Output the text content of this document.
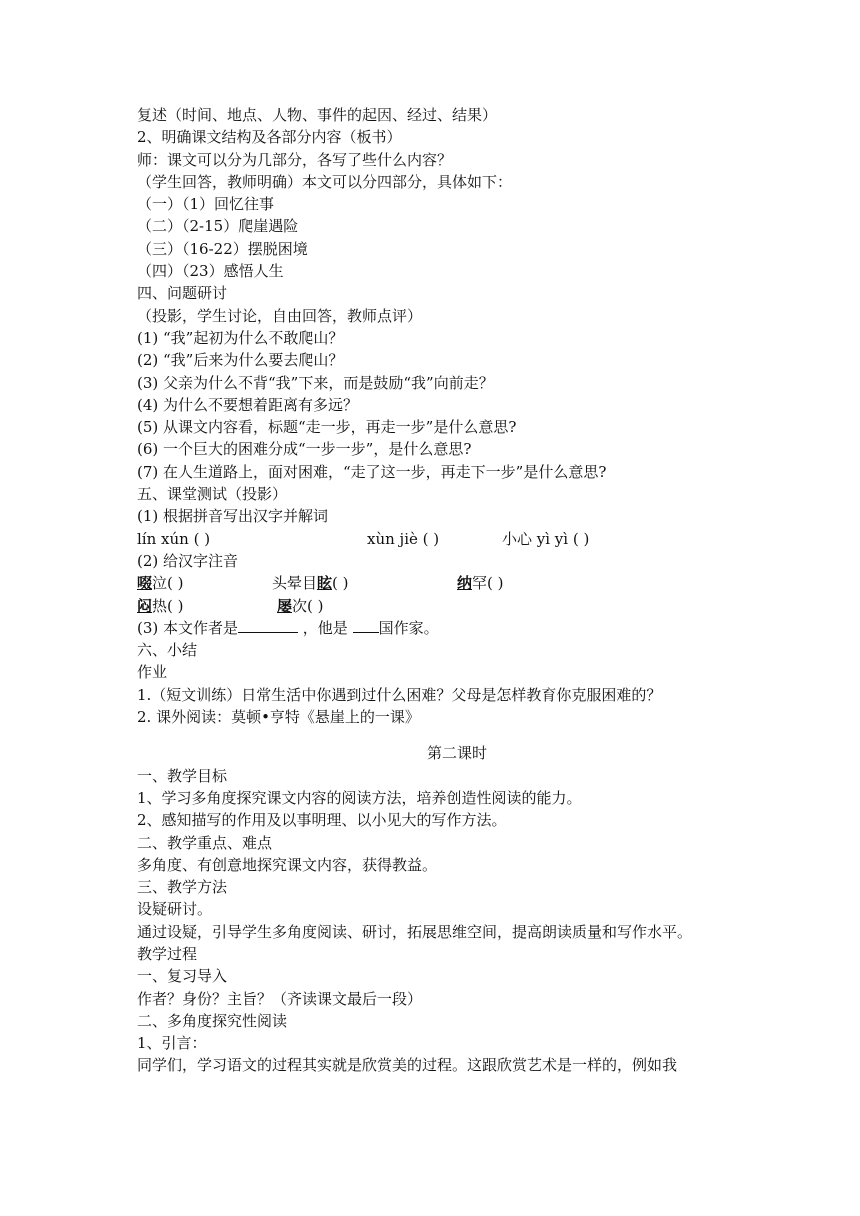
复述（时间、地点、人物、事件的起因、经过、结果）
2、明确课文结构及各部分内容（板书）
师：课文可以分为几部分，各写了些什么内容？
（学生回答，教师明确）本文可以分四部分，具体如下：
（一）（1）回忆往事
（二）（2-15）爬崖遇险
（三）（16-22）摆脱困境
（四）（23）感悟人生
四、问题研讨
（投影，学生讨论，自由回答，教师点评）
(1) “我”起初为什么不敢爬山？
(2) “我”后来为什么要去爬山？
(3) 父亲为什么不背“我”下来，而是鼓励“我”向前走？
(4) 为什么不要想着距离有多远？
(5) 从课文内容看，标题“走一步，再走一步”是什么意思?
(6) 一个巨大的困难分成“一步一步”，是什么意思?
(7) 在人生道路上，面对困难，“走了这一步，再走下一步”是什么意思?
五、课堂测试（投影）
(1) 根据拼音写出汉字并解词
lín xún ( )	xùn jiè ( )	小心 yì yì ( )
(2) 给汉字注音
啜泣( )	头晕目眩( )	纳罕( )
闷热( )	屡次( )
(3) 本文作者是	，他是 国作家。
六、小结
作业
1.（短文训练）日常生活中你遇到过什么困难？父母是怎样教育你克服困难的？
2. 课外阅读：莫顿•亨特《悬崖上的一课》
第二课时
一、教学目标
1、学习多角度探究课文内容的阅读方法，培养创造性阅读的能力。
2、感知描写的作用及以事明理、以小见大的写作方法。
二、教学重点、难点
多角度、有创意地探究课文内容，获得教益。
三、教学方法
设疑研讨。
通过设疑，引导学生多角度阅读、研讨，拓展思维空间，提高朗读质量和写作水平。
教学过程
一、复习导入
作者？身份？主旨？（齐读课文最后一段）
二、多角度探究性阅读
1、引言：
同学们，学习语文的过程其实就是欣赏美的过程。这跟欣赏艺术是一样的，例如我
